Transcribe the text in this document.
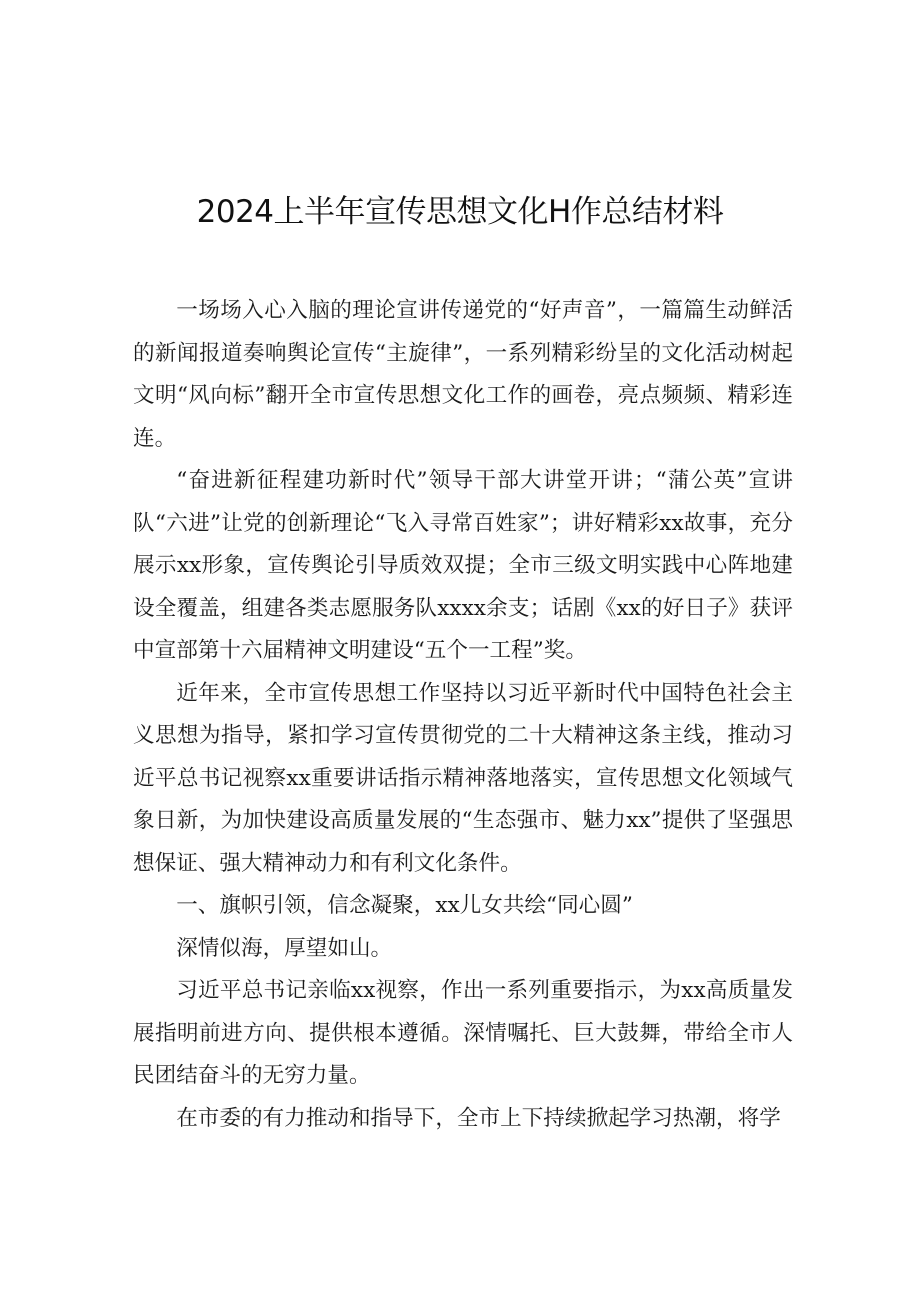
2024上半年宣传思想文化H作总结材料

一场场入心入脑的理论宣讲传递党的“好声音”，一篇篇生动鲜活的新闻报道奏响舆论宣传“主旋律”，一系列精彩纷呈的文化活动树起文明“风向标”翻开全市宣传思想文化工作的画卷，亮点频频、精彩连连。

“奋进新征程建功新时代”领导干部大讲堂开讲；“蒲公英”宣讲队“六进”让党的创新理论“飞入寻常百姓家”；讲好精彩xx故事，充分展示xx形象，宣传舆论引导质效双提；全市三级文明实践中心阵地建设全覆盖，组建各类志愿服务队xxxx余支；话剧《xx的好日子》获评中宣部第十六届精神文明建设“五个一工程”奖。

近年来，全市宣传思想工作坚持以习近平新时代中国特色社会主义思想为指导，紧扣学习宣传贯彻党的二十大精神这条主线，推动习近平总书记视察xx重要讲话指示精神落地落实，宣传思想文化领域气象日新，为加快建设高质量发展的“生态强市、魅力xx”提供了坚强思想保证、强大精神动力和有利文化条件。

一、旗帜引领，信念凝聚，xx儿女共绘“同心圆”

深情似海，厚望如山。

习近平总书记亲临xx视察，作出一系列重要指示，为xx高质量发展指明前进方向、提供根本遵循。深情嘱托、巨大鼓舞，带给全市人民团结奋斗的无穷力量。

在市委的有力推动和指导下，全市上下持续掀起学习热潮，将学
